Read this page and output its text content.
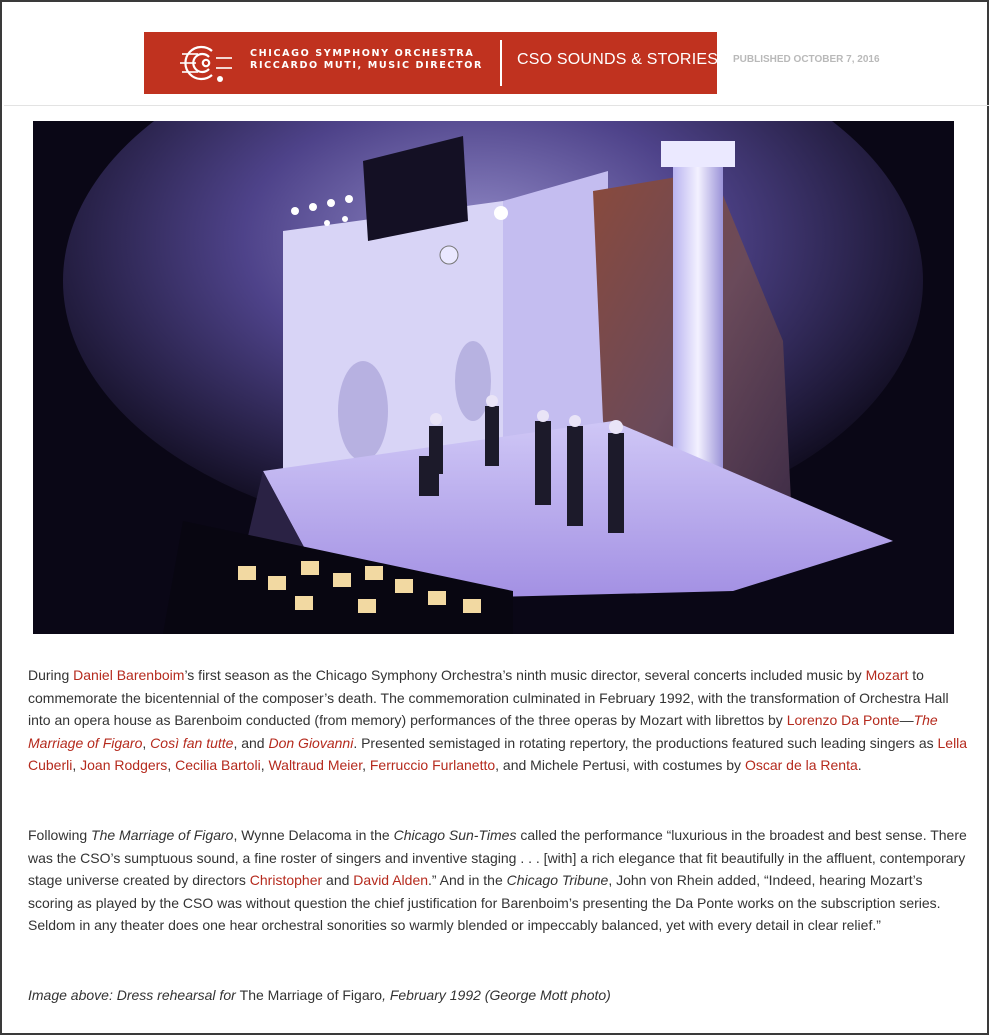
CHICAGO SYMPHONY ORCHESTRA
RICCARDO MUTI, MUSIC DIRECTOR CSO SOUNDS & STORIES PUBLISHED OCTOBER 7, 2016

During Daniel Barenboim’s first season as the Chicago Symphony Orchestra’s ninth music director, several concerts included music by Mozart to commemorate the bicentennial of the composer’s death. The commemoration culminated in February 1992, with the transformation of Orchestra Hall into an opera house as Barenboim conducted (from memory) performances of the three operas by Mozart with librettos by Lorenzo Da Ponte—The Marriage of Figaro, Così fan tutte, and Don Giovanni. Presented semistaged in rotating repertory, the productions featured such leading singers as Lella Cuberli, Joan Rodgers, Cecilia Bartoli, Waltraud Meier, Ferruccio Furlanetto, and Michele Pertusi, with costumes by Oscar de la Renta.

Following The Marriage of Figaro, Wynne Delacoma in the Chicago Sun-Times called the performance “luxurious in the broadest and best sense. There was the CSO’s sumptuous sound, a fine roster of singers and inventive staging . . . [with] a rich elegance that fit beautifully in the affluent, contemporary stage universe created by directors Christopher and David Alden.” And in the Chicago Tribune, John von Rhein added, “Indeed, hearing Mozart’s scoring as played by the CSO was without question the chief justification for Barenboim’s presenting the Da Ponte works on the subscription series. Seldom in any theater does one hear orchestral sonorities so warmly blended or impeccably balanced, yet with every detail in clear relief.”

Image above: Dress rehearsal for The Marriage of Figaro, February 1992 (George Mott photo)
